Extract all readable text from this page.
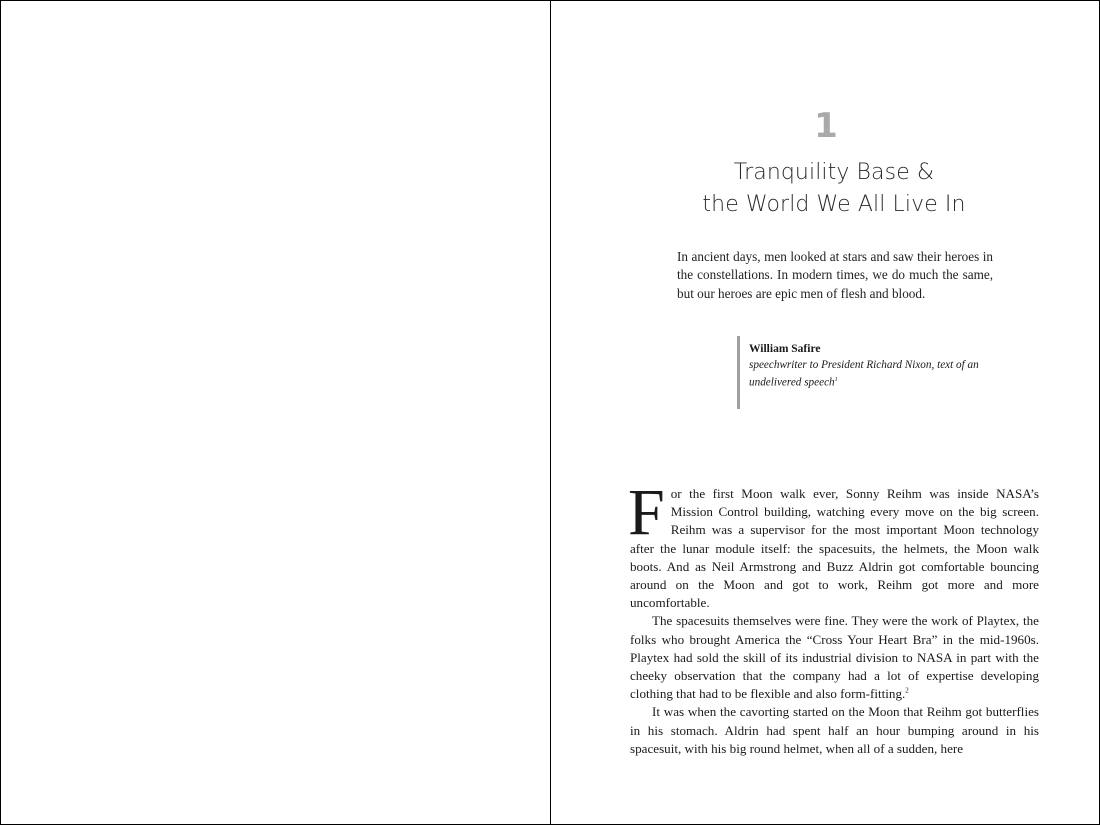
1
Tranquility Base &
the World We All Live In
In ancient days, men looked at stars and saw their heroes in the constellations. In modern times, we do much the same, but our heroes are epic men of flesh and blood.
William Safire
speechwriter to President Richard Nixon, text of an undelivered speech$^1$

For the first Moon walk ever, Sonny Reihm was inside NASA’s Mission Control building, watching every move on the big screen. Reihm was a supervisor for the most important Moon technology after the lunar module itself: the spacesuits, the helmets, the Moon walk boots. And as Neil Armstrong and Buzz Aldrin got comfortable bouncing around on the Moon and got to work, Reihm got more and more uncomfortable.

The spacesuits themselves were fine. They were the work of Playtex, the folks who brought America the “Cross Your Heart Bra” in the mid-1960s. Playtex had sold the skill of its industrial division to NASA in part with the cheeky observation that the company had a lot of expertise developing clothing that had to be flexible and also form-fitting.$^2$

It was when the cavorting started on the Moon that Reihm got butterflies in his stomach. Aldrin had spent half an hour bumping around in his spacesuit, with his big round helmet, when all of a sudden, here
